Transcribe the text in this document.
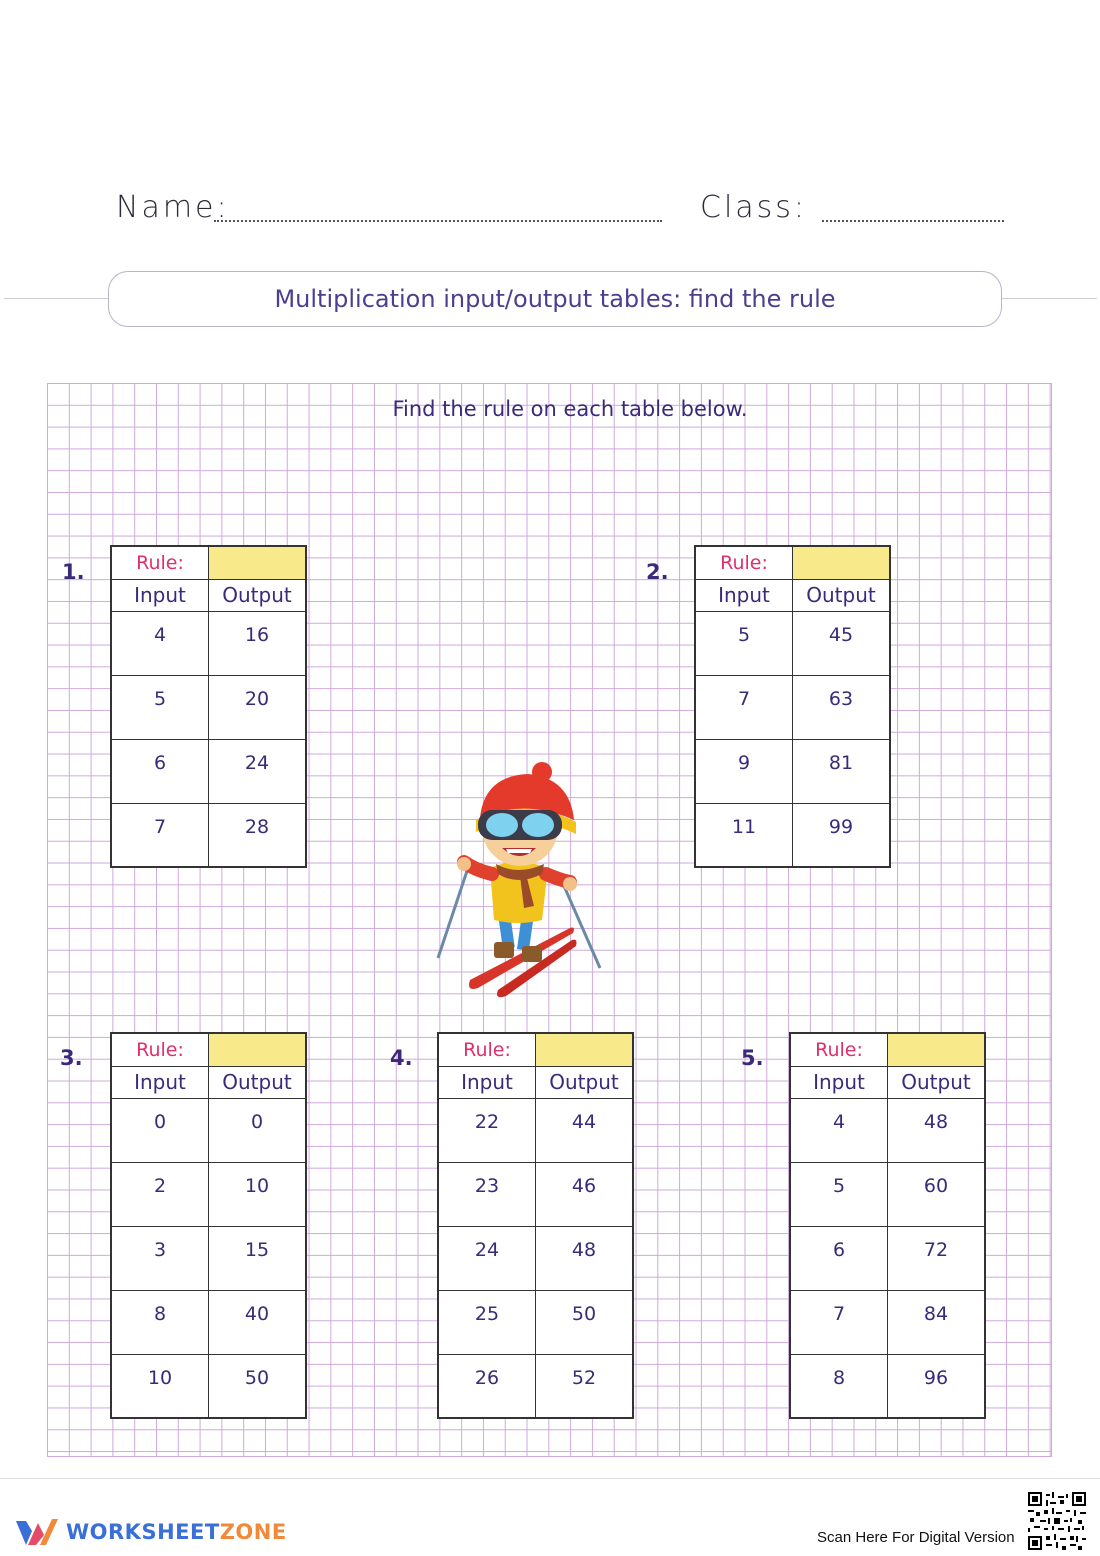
Name:	Class:
Multiplication input/output tables: find the rule
Find the rule on each table below.
1.	Rule:	
Input	Output
4	16
5	20
6	24
7	28
2.	Rule:	
Input	Output
5	45
7	63
9	81
11	99
3.	Rule:	
Input	Output
0	0
2	10
3	15
8	40
10	50
4.	Rule:	
Input	Output
22	44
23	46
24	48
25	50
26	52
5.	Rule:	
Input	Output
4	48
5	60
6	72
7	84
8	96
WORKSHEETZONE	Scan Here For Digital Version
